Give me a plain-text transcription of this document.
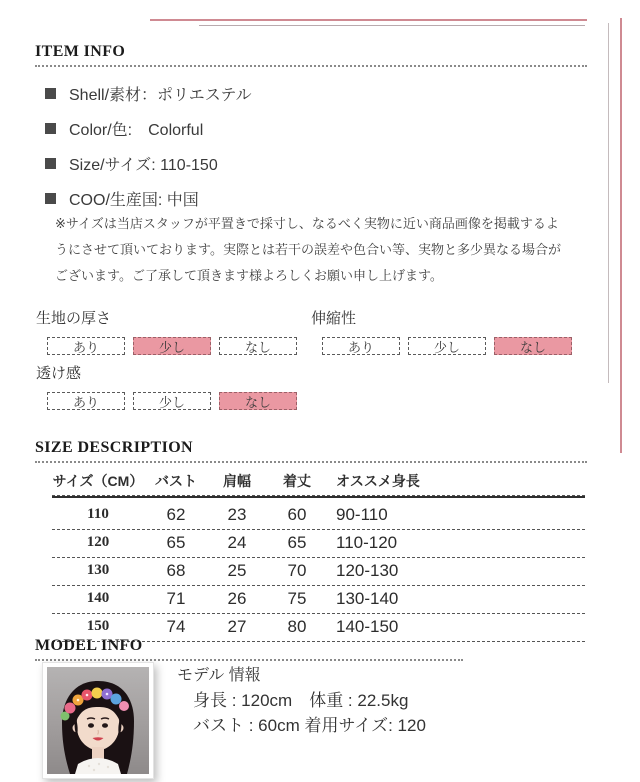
ITEM INFO
Shell/素材：ポリエステル
Color/色:　Colorful
Size/サイズ: 110-150
COO/生産国: 中国
※サイズは当店スタッフが平置きで採寸し、なるべく実物に近い商品画像を掲載するよ
うにさせて頂いております。実際とは若干の誤差や色合い等、実物と多少異なる場合が
ございます。ご了承して頂きます様よろしくお願い申し上げます。
生地の厚さ
あり	少し	なし
伸縮性
あり	少し	なし
透け感
あり	少し	なし
SIZE DESCRIPTION
サイズ（CM） バスト	肩幅	着丈	オススメ身長
110	62	23	60	90-110
120	65	24	65	110-120
130	68	25	70	120-130
140	71	26	75	130-140
150	74	27	80	140-150
MODEL INFO
モデル 情報
身長 : 120cm　体重 : 22.5kg
バスト : 60cm 着用サイズ: 120
